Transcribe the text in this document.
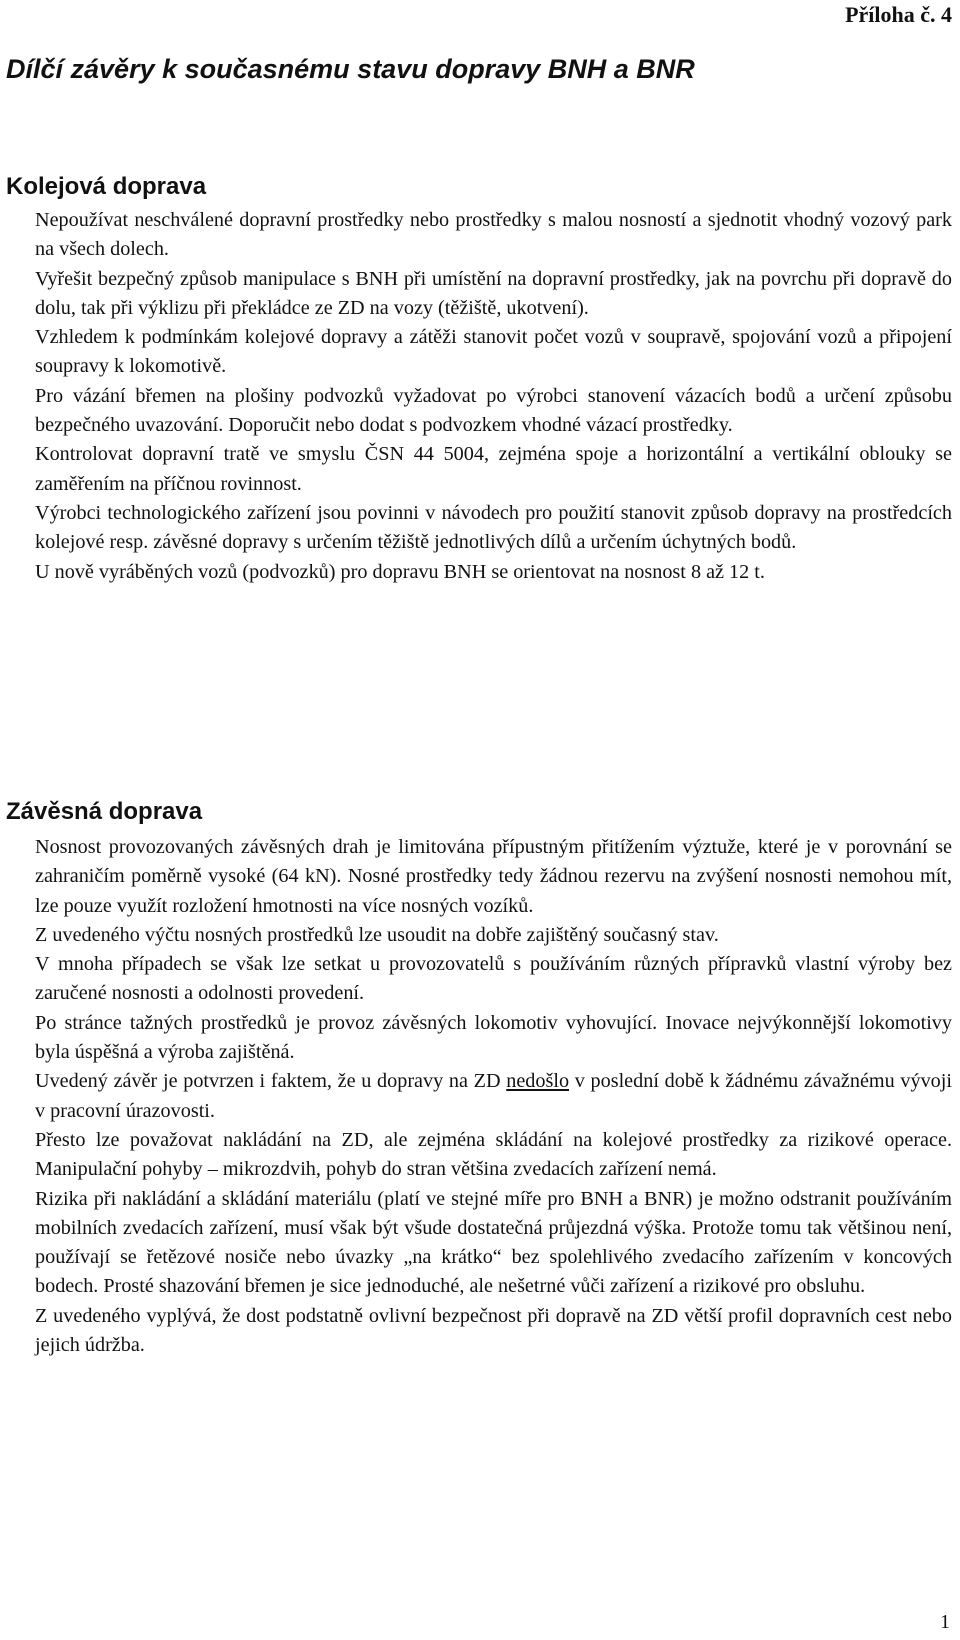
Příloha č. 4
Dílčí závěry k současnému stavu dopravy BNH a BNR
Kolejová doprava

Nepoužívat neschválené dopravní prostředky nebo prostředky s malou nosností a sjednotit vhodný vozový park na všech dolech.

Vyřešit bezpečný způsob manipulace s BNH při umístění na dopravní prostředky, jak na povrchu při dopravě do dolu, tak při výklizu při překládce ze ZD na vozy (těžiště, ukotvení).

Vzhledem k podmínkám kolejové dopravy a zátěži stanovit počet vozů v soupravě, spojování vozů a připojení soupravy k lokomotivě.

Pro vázání břemen na plošiny podvozků vyžadovat po výrobci stanovení vázacích bodů a určení způsobu bezpečného uvazování. Doporučit nebo dodat s podvozkem vhodné vázací prostředky.

Kontrolovat dopravní tratě ve smyslu ČSN 44 5004, zejména spoje a horizontální a vertikální oblouky se zaměřením na příčnou rovinnost.

Výrobci technologického zařízení jsou povinni v návodech pro použití stanovit způsob dopravy na prostředcích kolejové resp. závěsné dopravy s určením těžiště jednotlivých dílů a určením úchytných bodů.

U nově vyráběných vozů (podvozků) pro dopravu BNH se orientovat na nosnost 8 až 12 t.

Závěsná doprava

Nosnost provozovaných závěsných drah je limitována přípustným přitížením výztuže, které je v porovnání se zahraničím poměrně vysoké (64 kN). Nosné prostředky tedy žádnou rezervu na zvýšení nosnosti nemohou mít, lze pouze využít rozložení hmotnosti na více nosných vozíků.

Z uvedeného výčtu nosných prostředků lze usoudit na dobře zajištěný současný stav.

V mnoha případech se však lze setkat u provozovatelů s používáním různých přípravků vlastní výroby bez zaručené nosnosti a odolnosti provedení.

Po stránce tažných prostředků je provoz závěsných lokomotiv vyhovující. Inovace nejvýkonnější lokomotivy byla úspěšná a výroba zajištěná.

Uvedený závěr je potvrzen i faktem, že u dopravy na ZD nedošlo v poslední době k žádnému závažnému vývoji v pracovní úrazovosti.

Přesto lze považovat nakládání na ZD, ale zejména skládání na kolejové prostředky za rizikové operace. Manipulační pohyby – mikrozdvih, pohyb do stran většina zvedacích zařízení nemá.

Rizika při nakládání a skládání materiálu (platí ve stejné míře pro BNH a BNR) je možno odstranit používáním mobilních zvedacích zařízení, musí však být všude dostatečná průjezdná výška. Protože tomu tak většinou není, používají se řetězové nosiče nebo úvazky „na krátko“ bez spolehlivého zvedacího zařízením v koncových bodech. Prosté shazování břemen je sice jednoduché, ale nešetrné vůči zařízení a rizikové pro obsluhu.

Z uvedeného vyplývá, že dost podstatně ovlivní bezpečnost při dopravě na ZD větší profil dopravních cest nebo jejich údržba.

1
